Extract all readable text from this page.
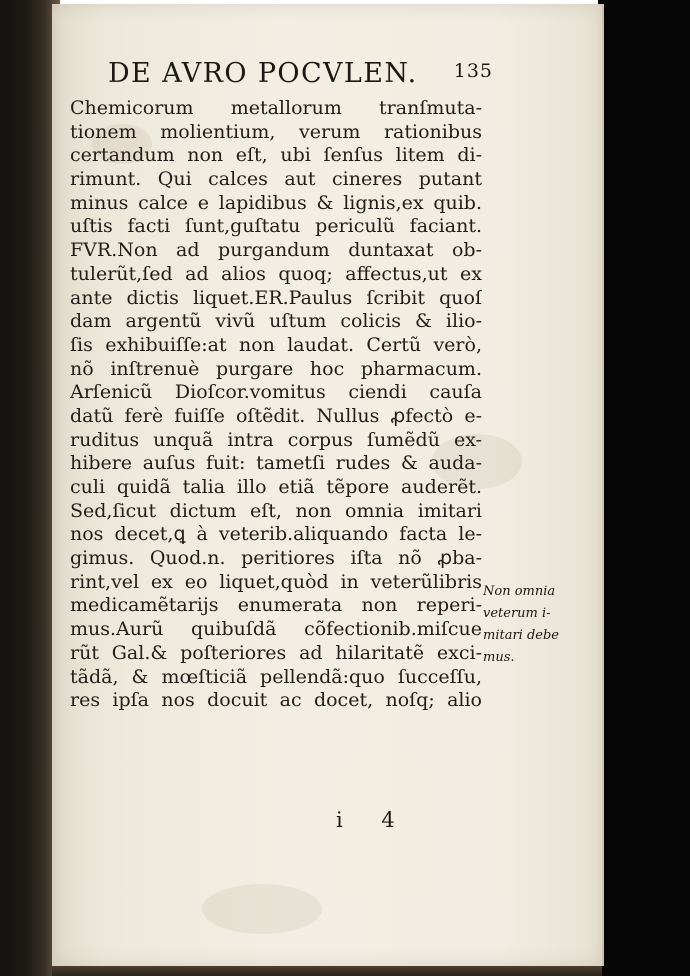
DE AVRO POCVLEN. 135
Chemicorum metallorum tranſmuta-
tionem molientium, verum rationibus
certandum non eſt, ubi ſenſus litem di-
rimunt. Qui calces aut cineres putant
minus calce e lapidibus & lignis,ex quib.
uſtis facti ſunt,guſtatu periculũ faciant.
FVR.Non ad purgandum duntaxat ob-
tulerũt,ſed ad alios quoq; affectus,ut ex
ante dictis liquet.ER.Paulus ſcribit quoſ
dam argentũ vivũ uſtum colicis & ilio-
ſis exhibuiſſe:at non laudat. Certũ verò,
nõ inſtrenuè purgare hoc pharmacum.
Arſenicũ Dioſcor.vomitus ciendi cauſa
datũ ferè fuiſſe oſtẽdit. Nullus ꝓfectò e-
ruditus unquã intra corpus ſumẽdũ ex-
hibere auſus fuit: tametſi rudes & auda-
culi quidã talia illo etiã tẽpore auderẽt.
Sed,ſicut dictum eſt, non omnia imitari
nos decet,ꝗ à veterib.aliquando facta le-
gimus. Quod.n. peritiores iſta nõ ꝓba-
rint,vel ex eo liquet,quòd in veterũlibris
medicamẽtarijs enumerata non reperi-
mus.Aurũ quibuſdã cõfectionib.miſcue
rũt Gal.& poſteriores ad hilaritatẽ exci-
tãdã, & mœſticiã pellendã:quo ſucceſſu,
res ipſa nos docuit ac docet, noſq; alio
Non omnia
veterum i-
mitari debe
mus.
i 4
